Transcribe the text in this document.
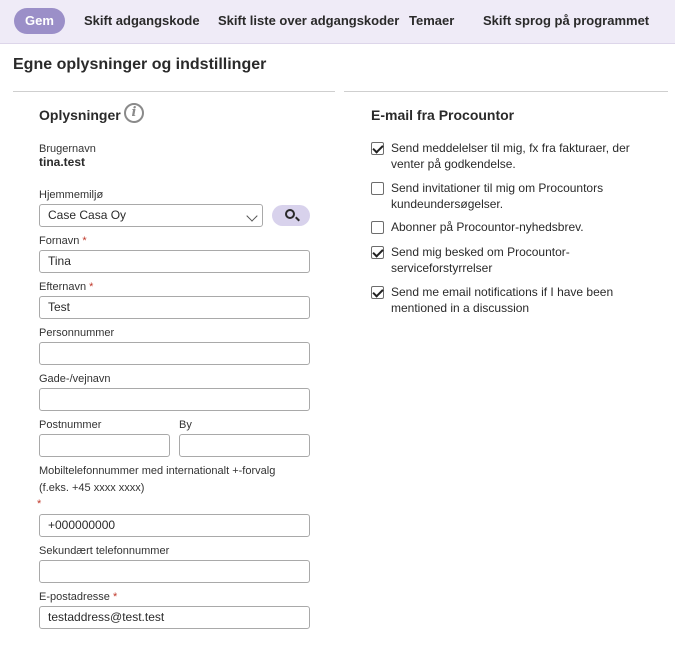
Gem	Skift adgangskode Skift liste over adgangskoder Temaer Skift sprog på programmet
Egne oplysninger og indstillinger
Oplysninger i
Brugernavn
tina.test
Hjemmemiljø
Case Casa Oy
Fornavn *
Tina
Efternavn *
Test
Personnummer
Gade-/vejnavn
Postnummer	By
Mobiltelefonnummer med internationalt +-forvalg
(f.eks. +45 xxxx xxxx)
*
+000000000
Sekundært telefonnummer
E-postadresse *
testaddress@test.test
E-mail fra Procountor
Send meddelelser til mig, fx fra fakturaer, der venter på godkendelse.
Send invitationer til mig om Procountors kundeundersøgelser.
Abonner på Procountor-nyhedsbrev.
Send mig besked om Procountor-serviceforstyrrelser
Send me email notifications if I have been mentioned in a discussion
